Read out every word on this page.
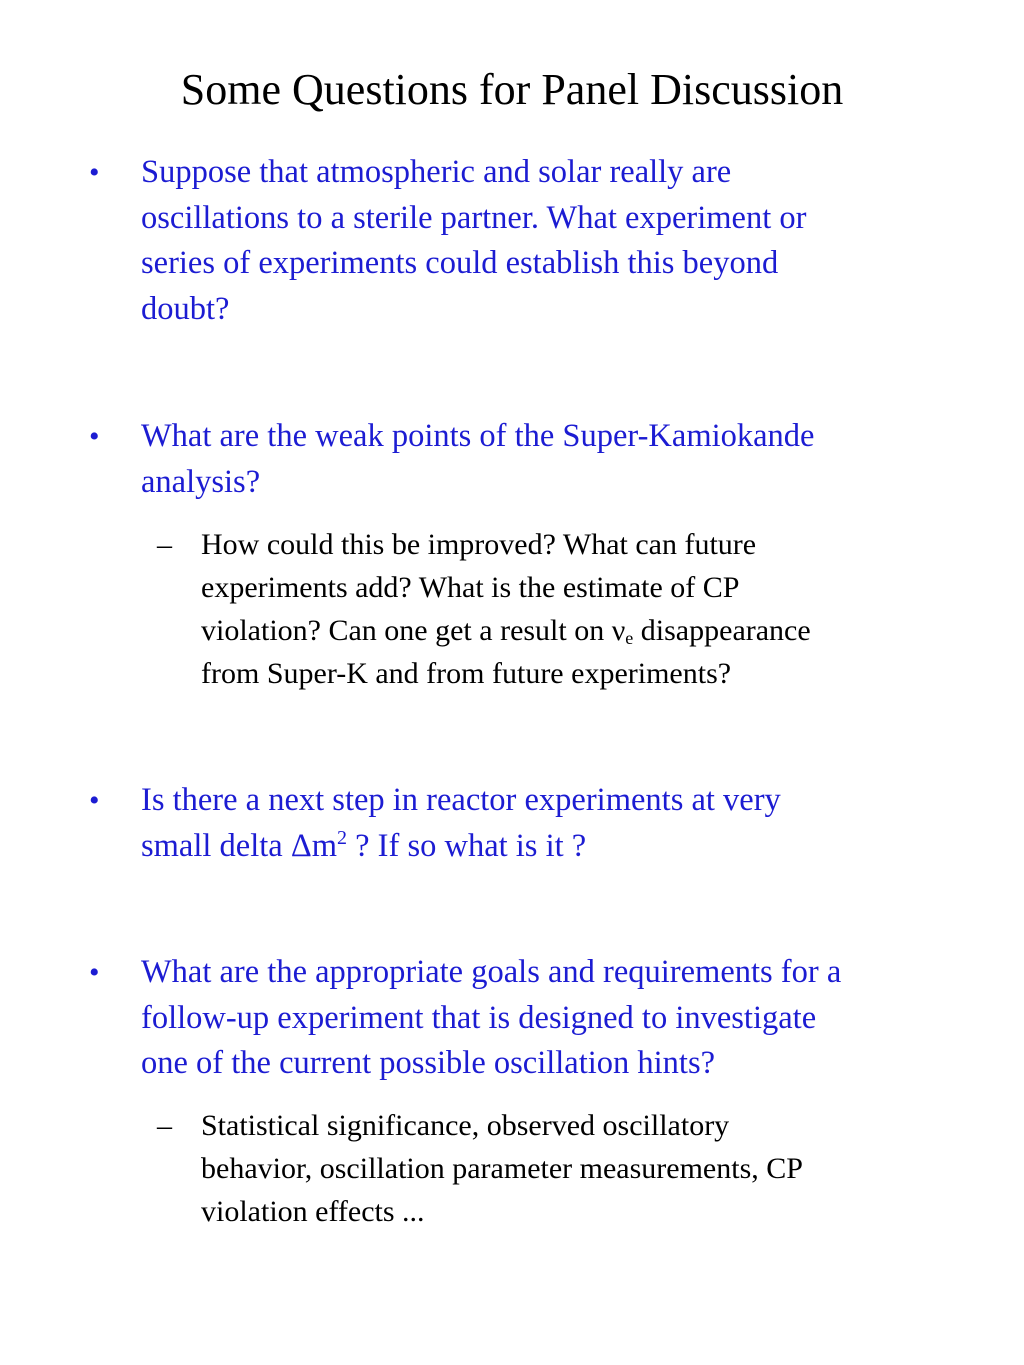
Some Questions for Panel Discussion
• Suppose that atmospheric and solar really are
oscillations to a sterile partner. What experiment or
series of experiments could establish this beyond
doubt?
• What are the weak points of the Super-Kamiokande
analysis?
– How could this be improved? What can future
experiments add? What is the estimate of CP
violation? Can one get a result on $\nu_e$ disappearance
from Super-K and from future experiments?
• Is there a next step in reactor experiments at very
small delta $\Delta m^2$ ? If so what is it ?
• What are the appropriate goals and requirements for a
follow-up experiment that is designed to investigate
one of the current possible oscillation hints?
– Statistical significance, observed oscillatory
behavior, oscillation parameter measurements, CP
violation effects ...
